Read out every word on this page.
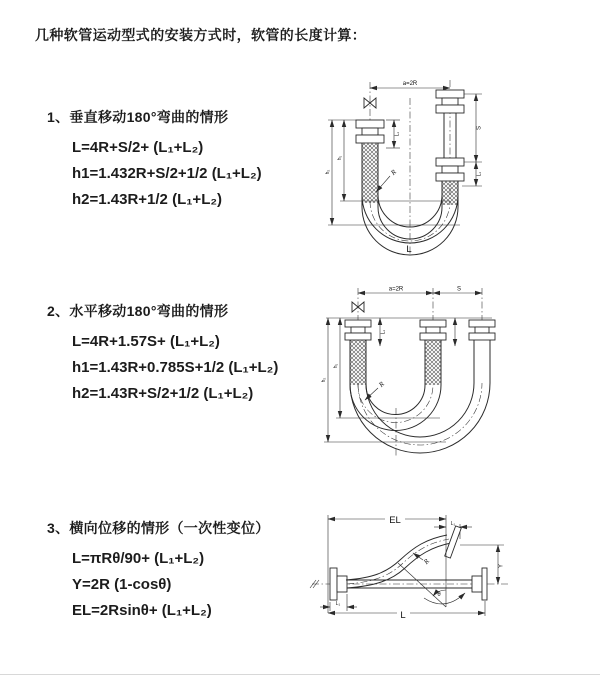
几种软管运动型式的安装方式时，软管的长度计算：
1、垂直移动180°弯曲的情形
L=4R+S/2+ (L₁+L₂)
h1=1.432R+S/2+1/2 (L₁+L₂)
h2=1.43R+1/2 (L₁+L₂)
2、水平移动180°弯曲的情形
L=4R+1.57S+ (L₁+L₂)
h1=1.43R+0.785S+1/2 (L₁+L₂)
h2=1.43R+S/2+1/2 (L₁+L₂)
3、横向位移的情形（一次性变位）
L=πRθ/90+ (L₁+L₂)
Y=2R (1-cosθ)
EL=2Rsinθ+ (L₁+L₂)
a=2R
S
L₁
L₁
h₁
h₂	R
L
a=2R	S
L₁
h₁
h₂
R
EL	L₁
Y
θ
R
L₁
L
